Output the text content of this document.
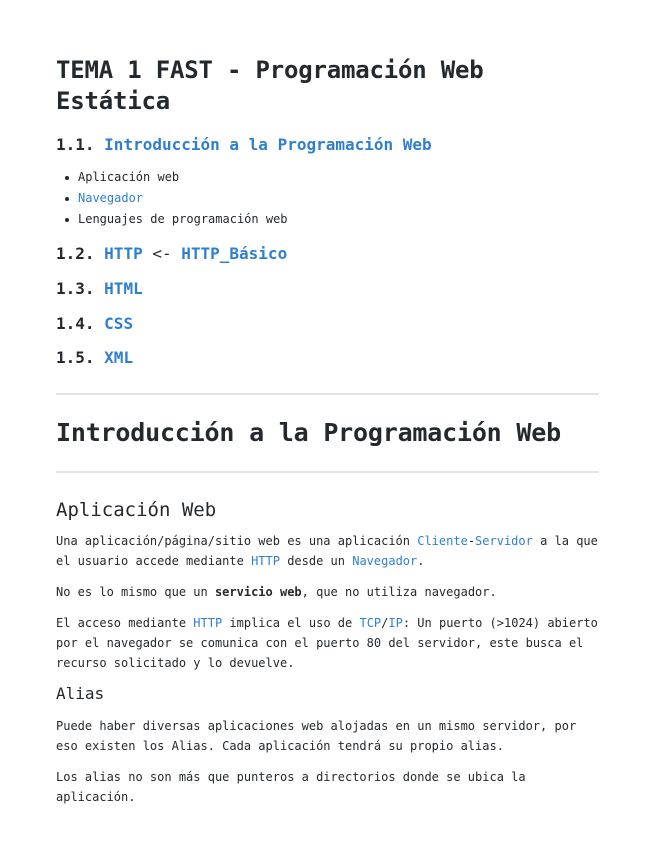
TEMA 1 FAST - Programación Web Estática
1.1. Introducción a la Programación Web
Aplicación web
Navegador
Lenguajes de programación web
1.2. HTTP <- HTTP_Básico
1.3. HTML
1.4. CSS
1.5. XML
Introducción a la Programación Web
Aplicación Web

Una aplicación/página/sitio web es una aplicación Cliente-Servidor a la que el usuario accede mediante HTTP desde un Navegador.

No es lo mismo que un servicio web, que no utiliza navegador.

El acceso mediante HTTP implica el uso de TCP/IP: Un puerto (>1024) abierto por el navegador se comunica con el puerto 80 del servidor, este busca el recurso solicitado y lo devuelve.

Alias

Puede haber diversas aplicaciones web alojadas en un mismo servidor, por eso existen los Alias. Cada aplicación tendrá su propio alias.

Los alias no son más que punteros a directorios donde se ubica la aplicación.
